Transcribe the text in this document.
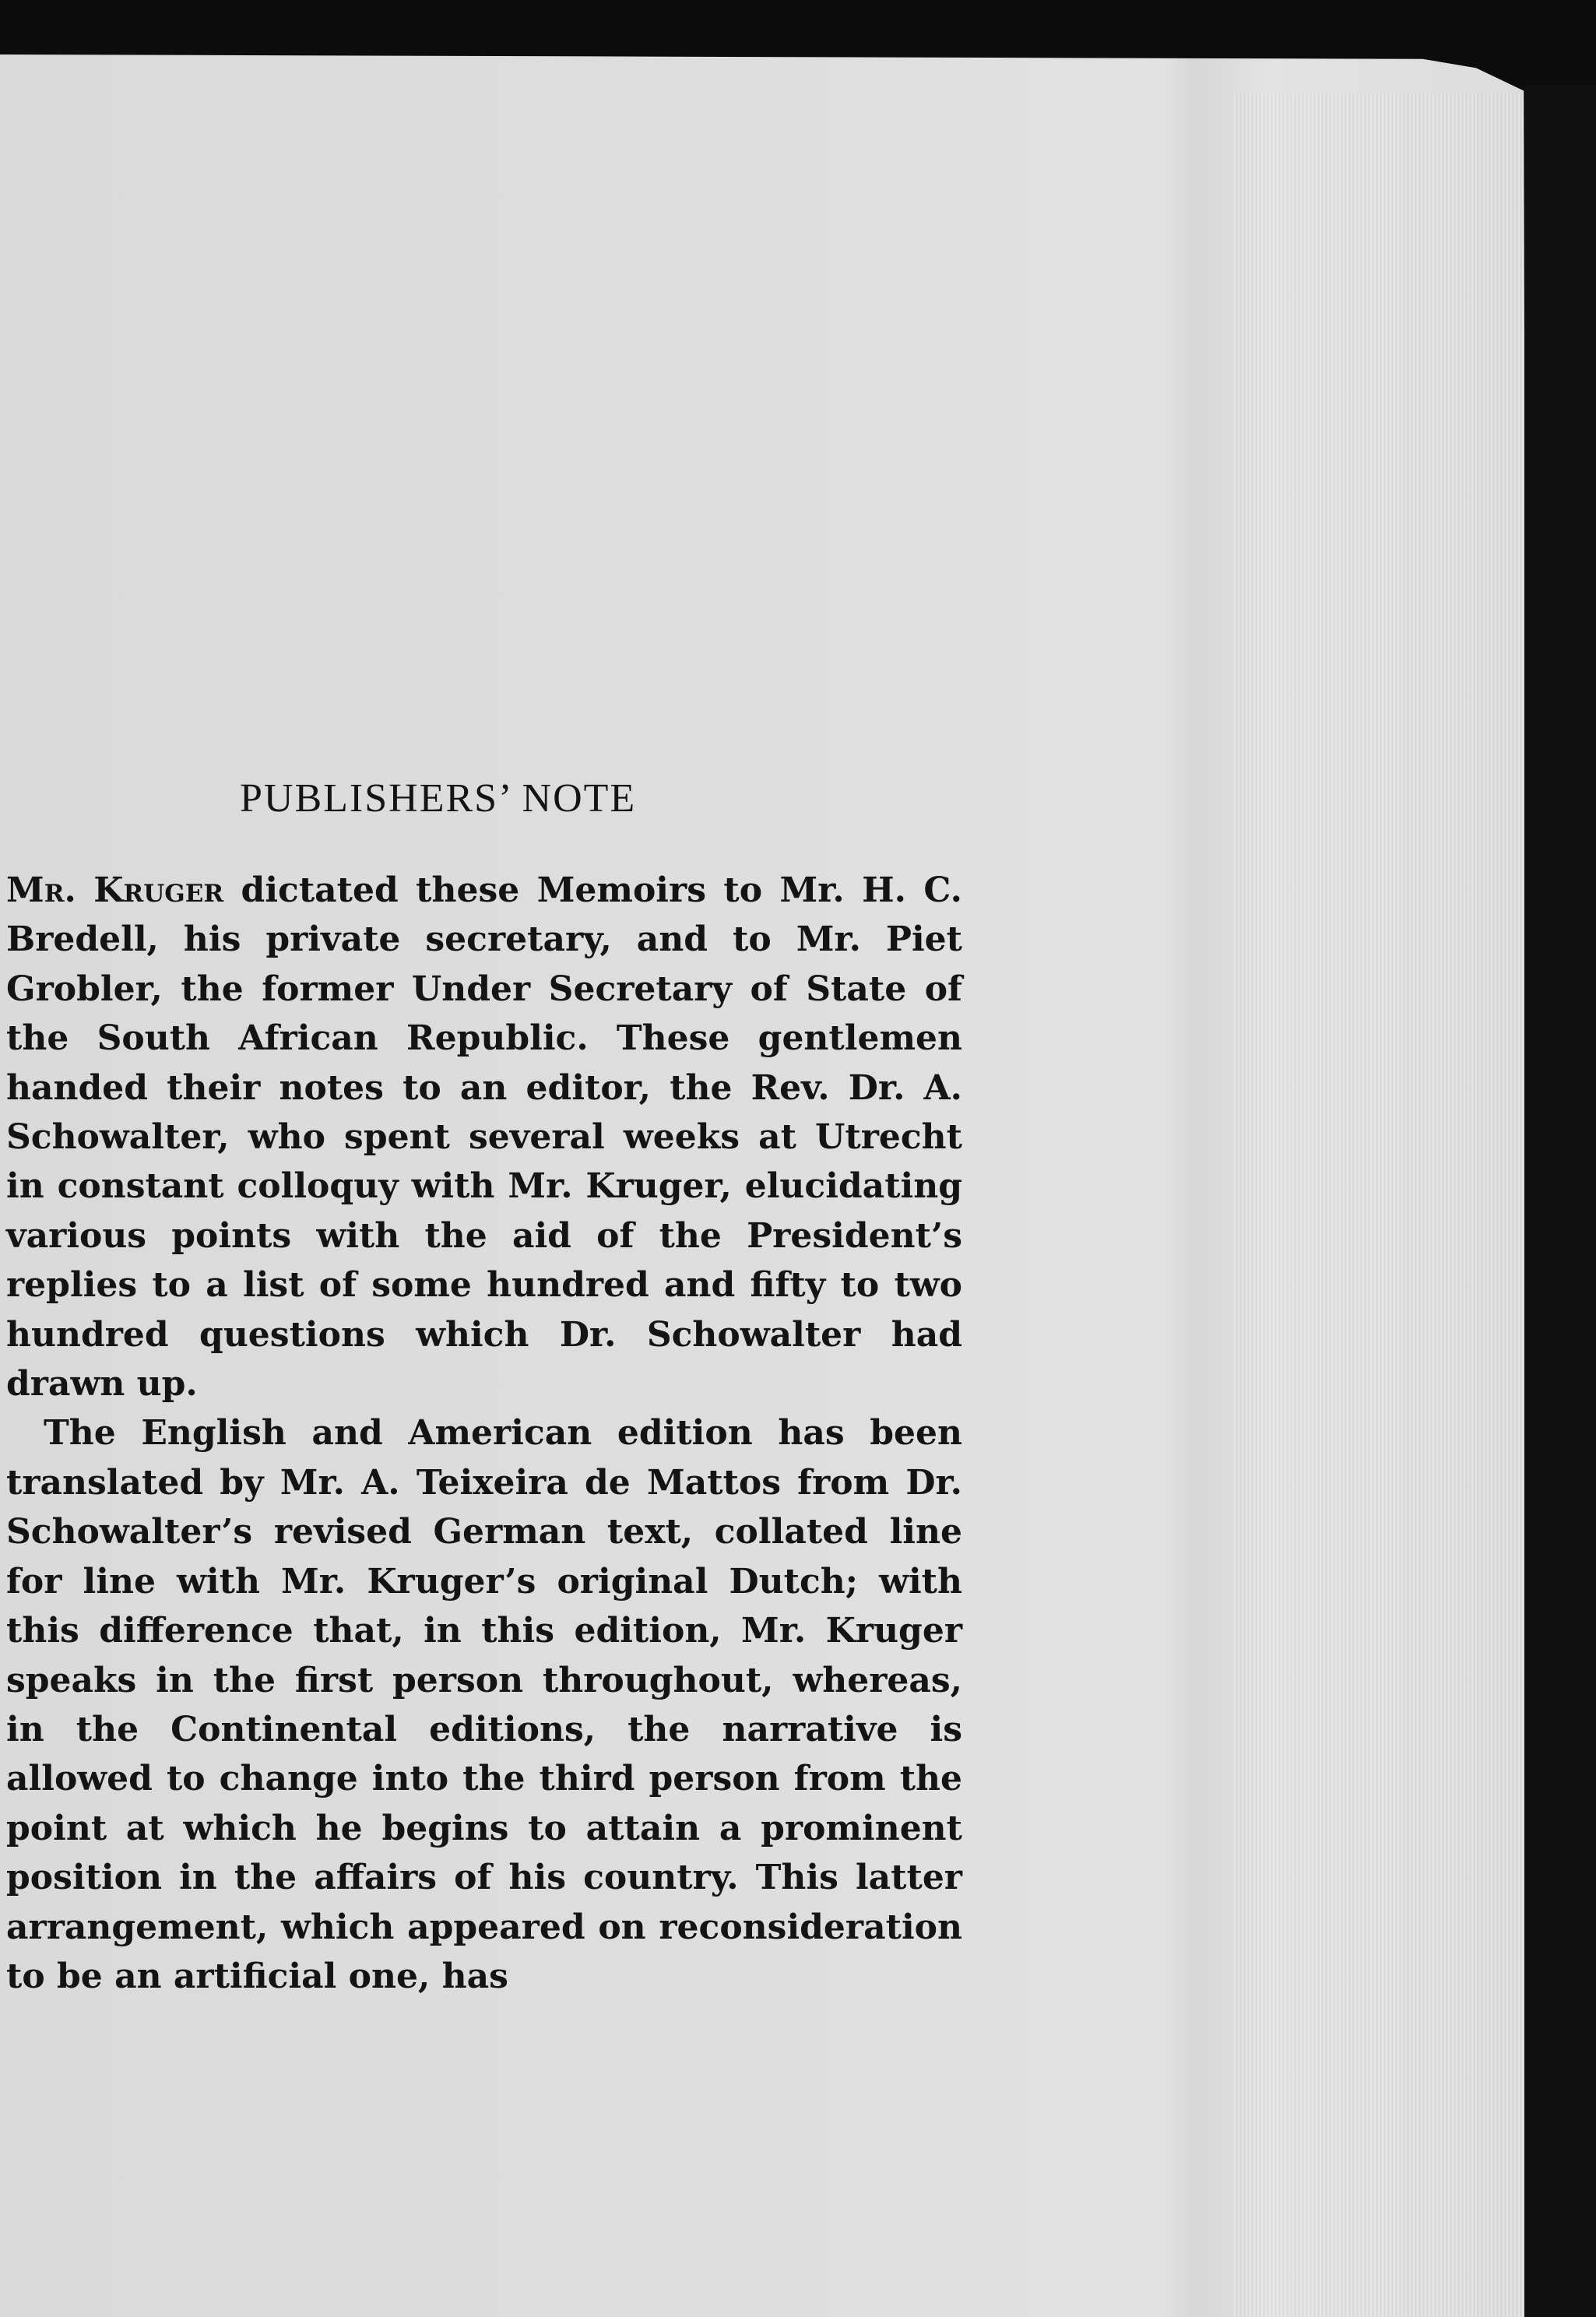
PUBLISHERS’ NOTE

Mr. Kruger dictated these Memoirs to Mr. H. C. Bredell, his private secretary, and to Mr. Piet Grobler, the former Under Secretary of State of the South African Republic. These gentlemen handed their notes to an editor, the Rev. Dr. A. Schowalter, who spent several weeks at Utrecht in constant colloquy with Mr. Kruger, elucidating various points with the aid of the President’s replies to a list of some hundred and fifty to two hundred questions which Dr. Schowalter had drawn up.

The English and American edition has been translated by Mr. A. Teixeira de Mattos from Dr. Schowalter’s revised German text, collated line for line with Mr. Kruger’s original Dutch; with this difference that, in this edition, Mr. Kruger speaks in the first person throughout, whereas, in the Continental editions, the narrative is allowed to change into the third person from the point at which he begins to attain a prominent position in the affairs of his country. This latter arrangement, which appeared on reconsideration to be an artificial one, has
